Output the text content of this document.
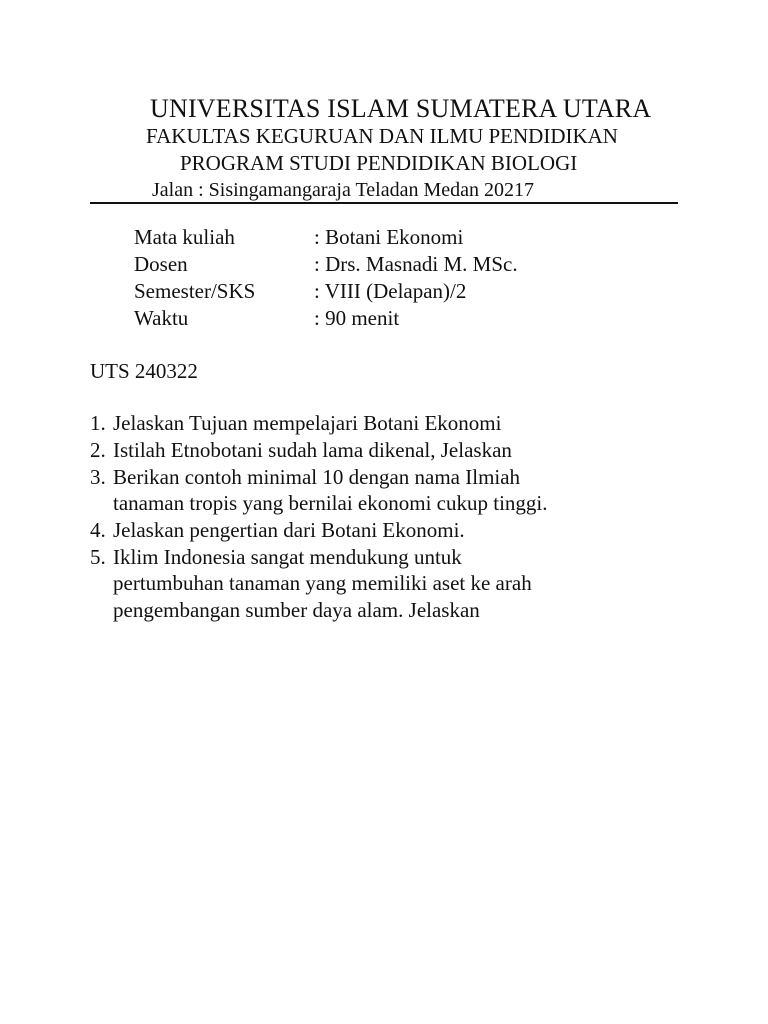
UNIVERSITAS ISLAM SUMATERA UTARA

FAKULTAS KEGURUAN DAN ILMU PENDIDIKAN

PROGRAM STUDI PENDIDIKAN BIOLOGI

Jalan : Sisingamangaraja Teladan Medan 20217

Mata kuliah	: Botani Ekonomi
Dosen	: Drs. Masnadi M. MSc.
Semester/SKS	: VIII (Delapan)/2
Waktu	: 90 menit

UTS 240322

1. Jelaskan Tujuan mempelajari Botani Ekonomi
2. Istilah Etnobotani sudah lama dikenal, Jelaskan
3. Berikan contoh minimal 10 dengan nama Ilmiah
tanaman tropis yang bernilai ekonomi cukup tinggi.
4. Jelaskan pengertian dari Botani Ekonomi.
5. Iklim Indonesia sangat mendukung untuk
pertumbuhan tanaman yang memiliki aset ke arah
pengembangan sumber daya alam. Jelaskan
